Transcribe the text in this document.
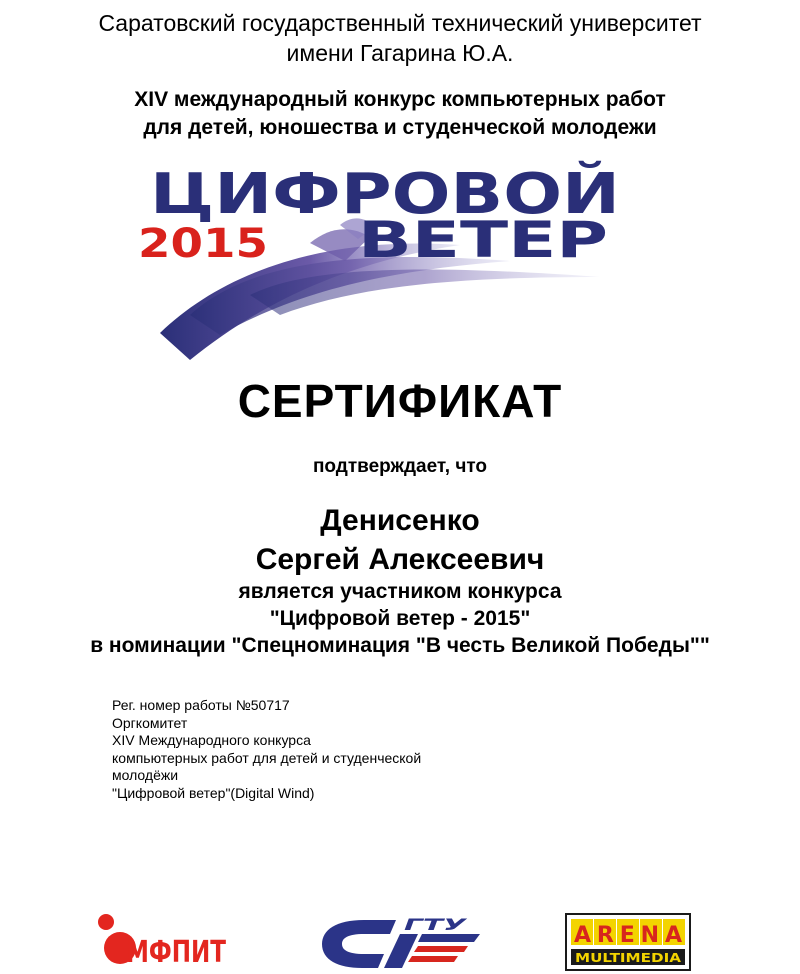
Саратовский государственный технический университет
имени Гагарина Ю.А.
XIV международный конкурс компьютерных работ
для детей, юношества и студенческой молодежи
ЦИФРОВОЙ
2015 ВЕТЕР
СЕРТИФИКАТ
подтверждает, что
Денисенко
Сергей Алексеевич
является участником конкурса
"Цифровой ветер - 2015"
в номинации "Спецноминация "В честь Великой Победы""
Рег. номер работы №50717
Оргкомитет
XIV Международного конкурса
компьютерных работ для детей и студенческой
молодёжи
"Цифровой ветер"(Digital Wind)
МФПИТ
ГТУ	ARENA
MULTIMEDIA
